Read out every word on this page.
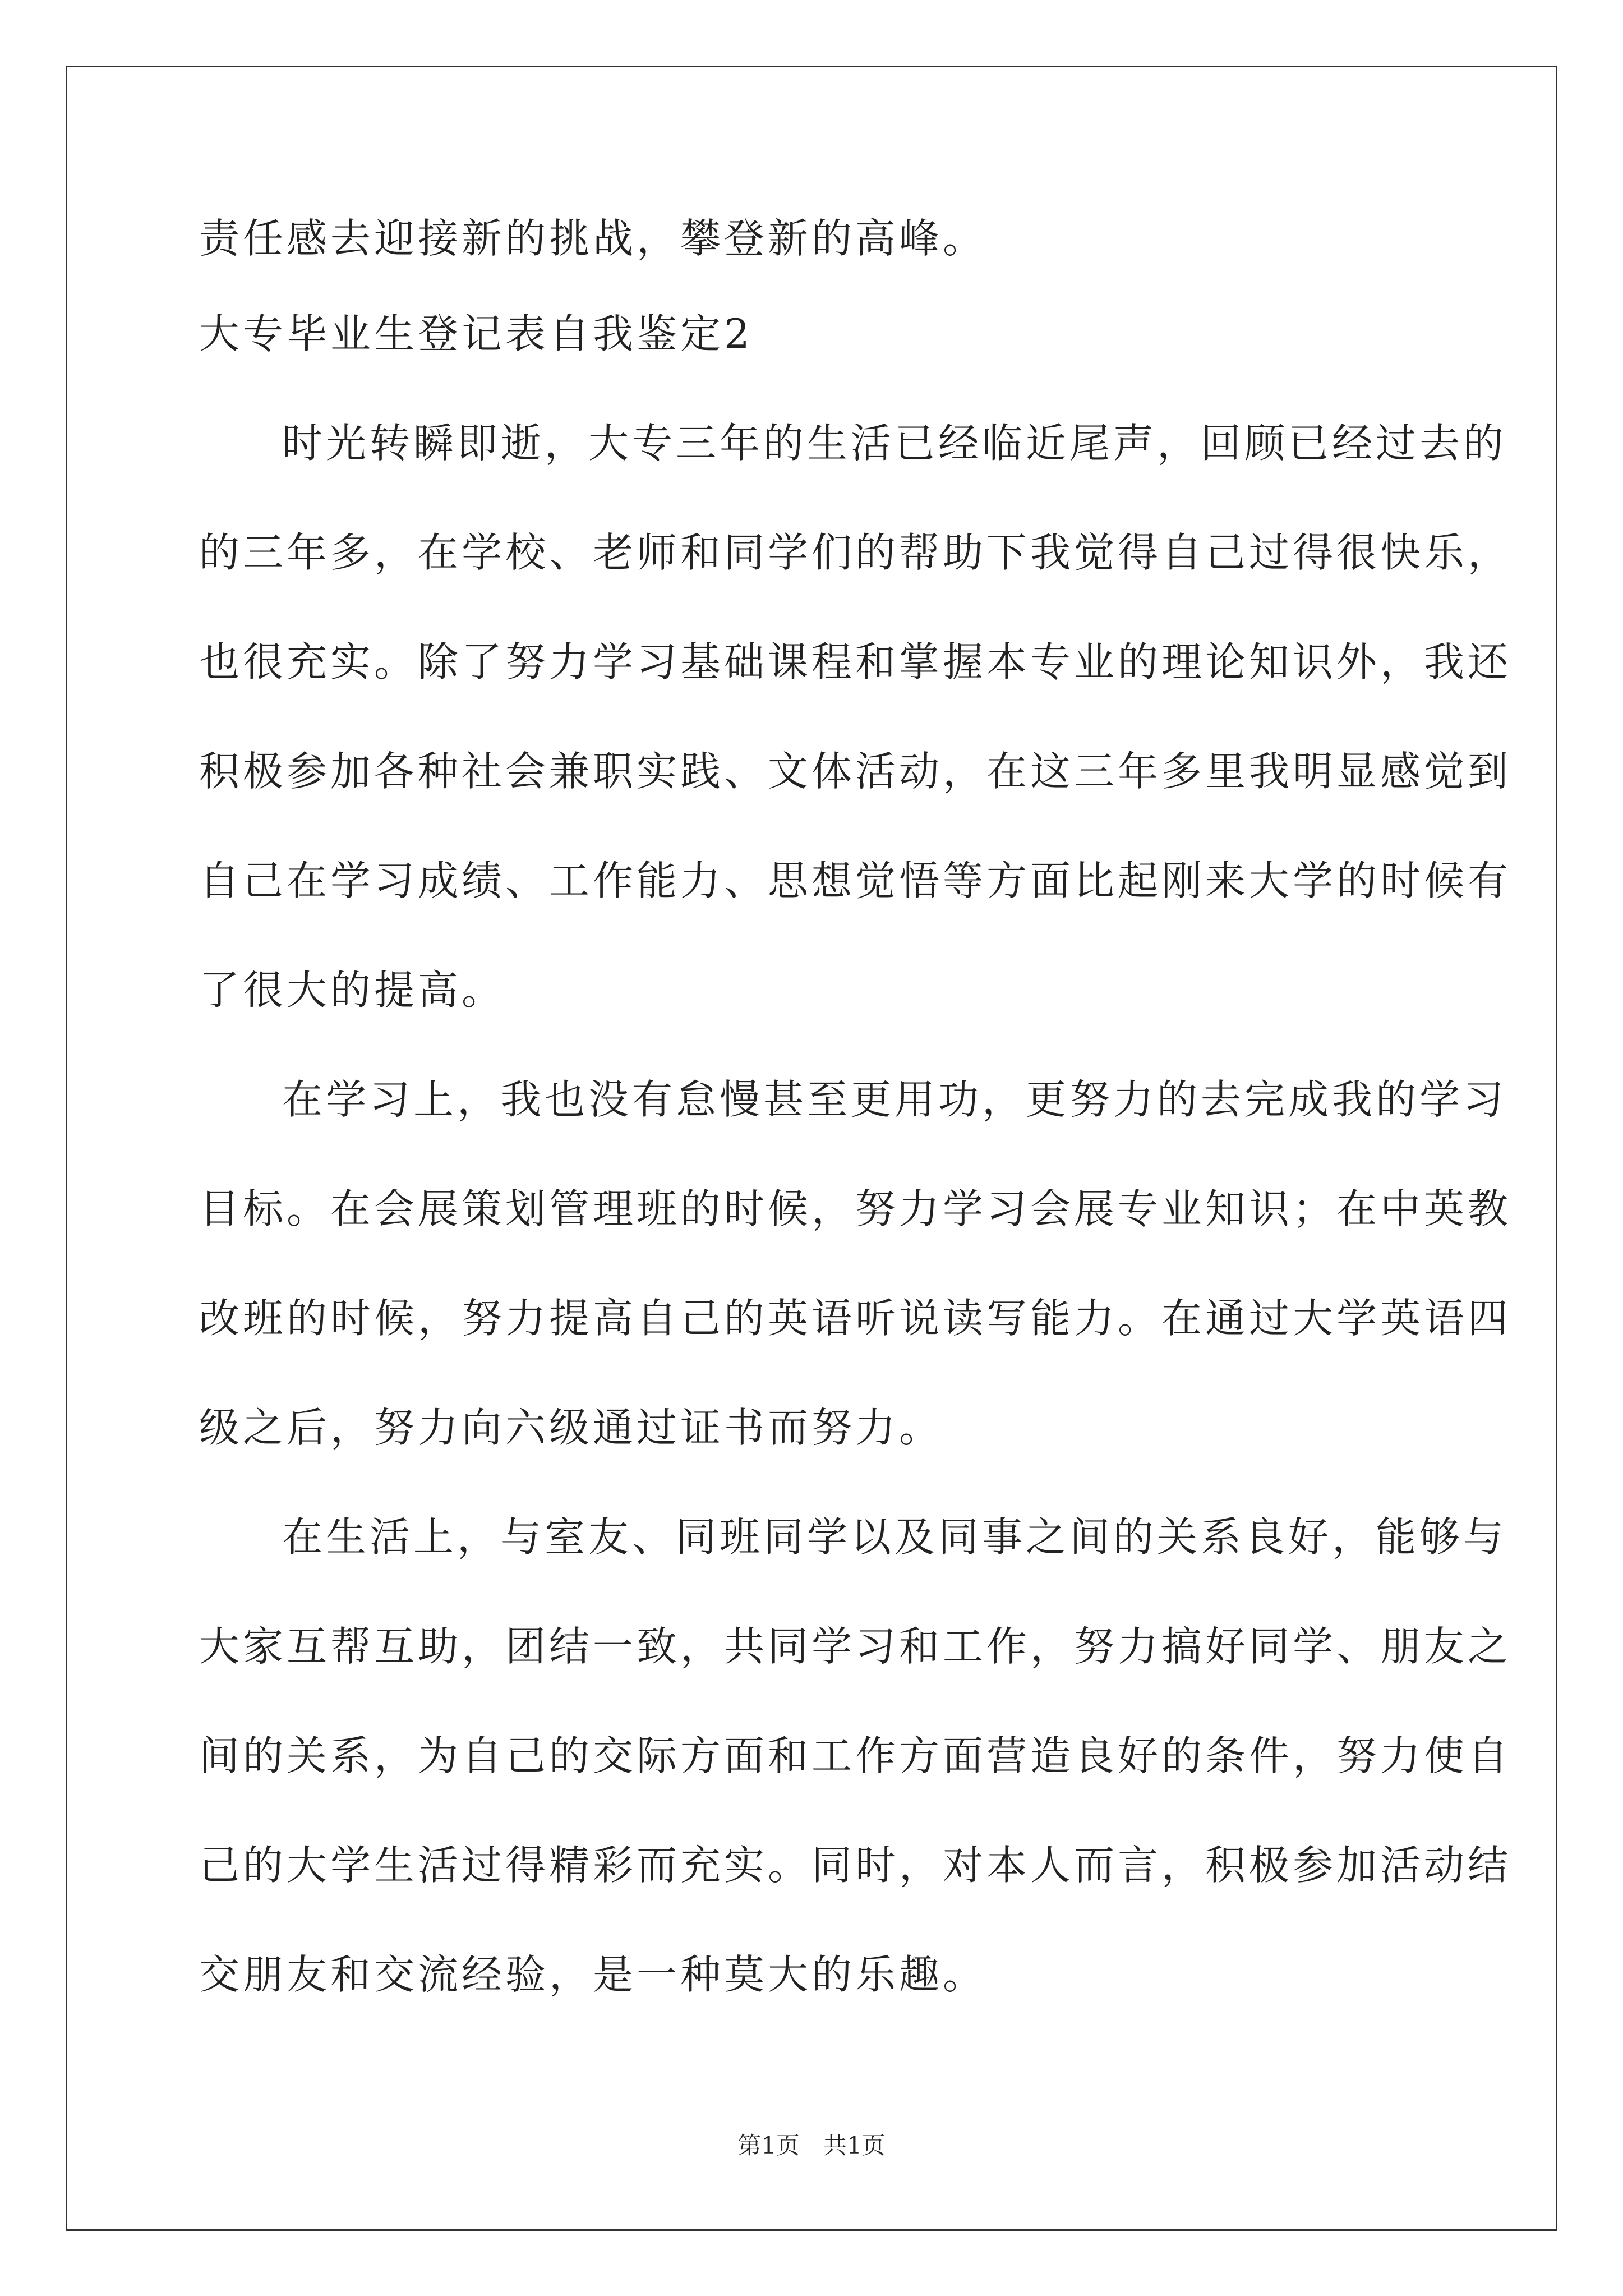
责任感去迎接新的挑战，攀登新的高峰。
大专毕业生登记表自我鉴定2
时光转瞬即逝，大专三年的生活已经临近尾声，回顾已经过去的
的三年多，在学校、老师和同学们的帮助下我觉得自己过得很快乐，
也很充实。除了努力学习基础课程和掌握本专业的理论知识外，我还
积极参加各种社会兼职实践、文体活动，在这三年多里我明显感觉到
自己在学习成绩、工作能力、思想觉悟等方面比起刚来大学的时候有
了很大的提高。
在学习上，我也没有怠慢甚至更用功，更努力的去完成我的学习
目标。在会展策划管理班的时候，努力学习会展专业知识；在中英教
改班的时候，努力提高自己的英语听说读写能力。在通过大学英语四
级之后，努力向六级通过证书而努力。
在生活上，与室友、同班同学以及同事之间的关系良好，能够与
大家互帮互助，团结一致，共同学习和工作，努力搞好同学、朋友之
间的关系，为自己的交际方面和工作方面营造良好的条件，努力使自
己的大学生活过得精彩而充实。同时，对本人而言，积极参加活动结
交朋友和交流经验，是一种莫大的乐趣。
第1页　共1页
